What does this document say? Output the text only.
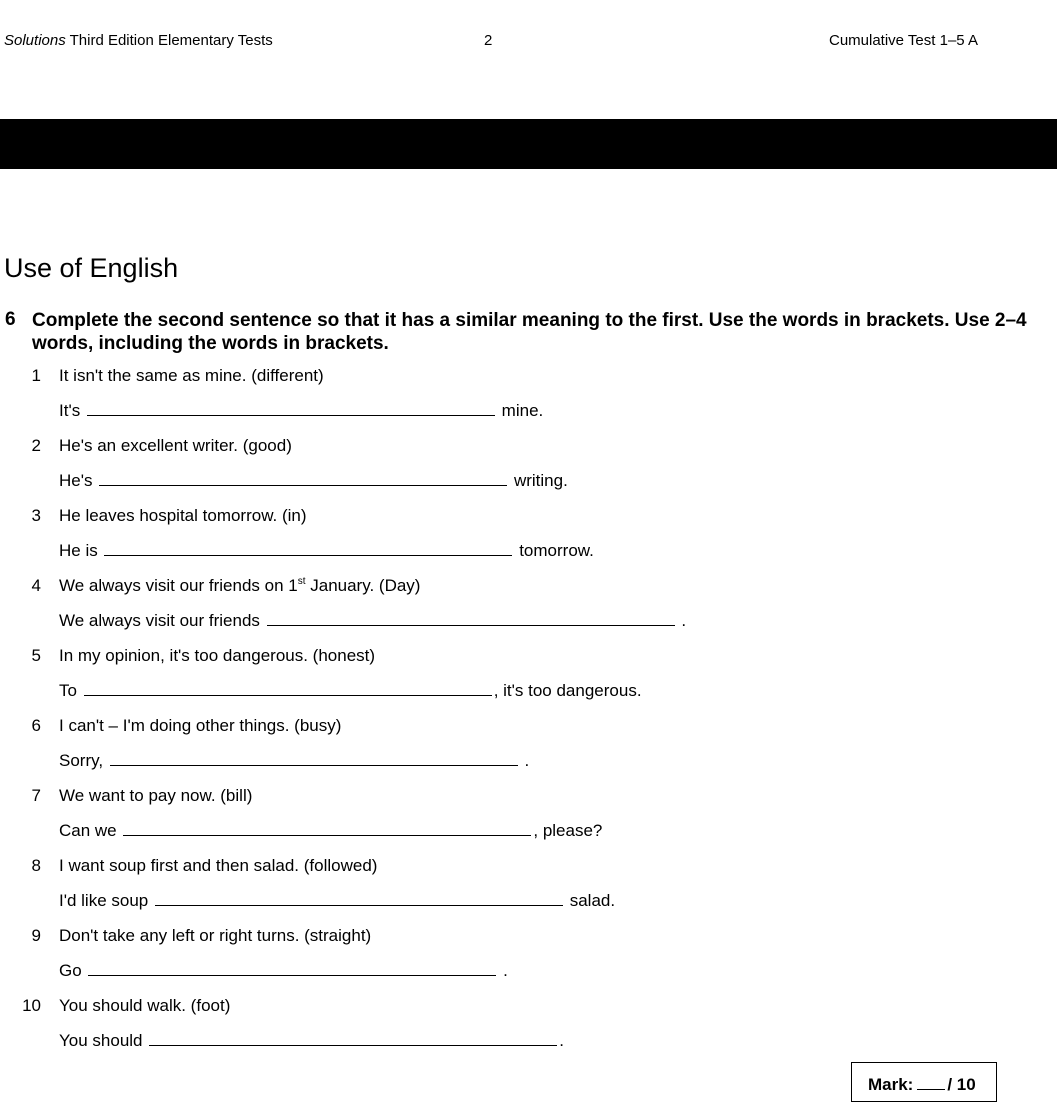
Solutions Third Edition Elementary Tests	2	Cumulative Test 1–5 A
Use of English
6 Complete the second sentence so that it has a similar meaning to the first. Use the words in brackets. Use 2–4 words, including the words in brackets.
1 It isn't the same as mine. (different)
It's	mine.
2 He's an excellent writer. (good)
He's	writing.
3 He leaves hospital tomorrow. (in)
He is	tomorrow.
4 We always visit our friends on 1st January. (Day)
We always visit our friends	.
5 In my opinion, it's too dangerous. (honest)
To	, it's too dangerous.
6 I can't – I'm doing other things. (busy)
Sorry,	.
7 We want to pay now. (bill)
Can we	, please?
8 I want soup first and then salad. (followed)
I'd like soup	salad.
9 Don't take any left or right turns. (straight)
Go	.
10 You should walk. (foot)
You should	.
Mark: / 10
